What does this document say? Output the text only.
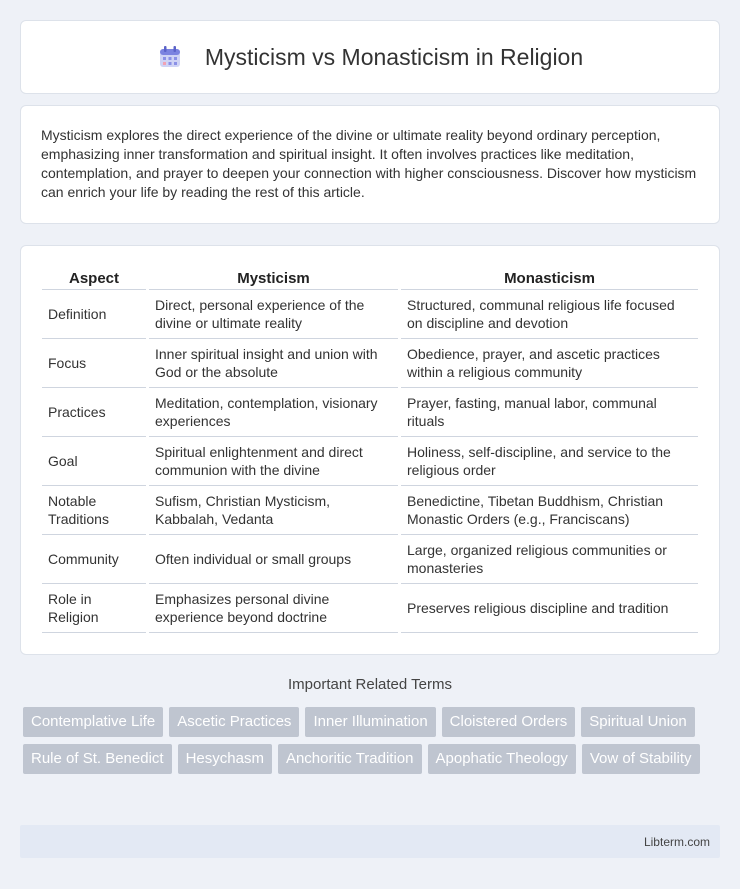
Mysticism vs Monasticism in Religion

Mysticism explores the direct experience of the divine or ultimate reality beyond ordinary perception, emphasizing inner transformation and spiritual insight. It often involves practices like meditation, contemplation, and prayer to deepen your connection with higher consciousness. Discover how mysticism can enrich your life by reading the rest of this article.

Aspect	Mysticism	Monasticism
Definition	Direct, personal experience of the divine or ultimate reality	Structured, communal religious life focused on discipline and devotion
Focus	Inner spiritual insight and union with God or the absolute	Obedience, prayer, and ascetic practices within a religious community
Practices	Meditation, contemplation, visionary experiences	Prayer, fasting, manual labor, communal rituals
Goal	Spiritual enlightenment and direct communion with the divine	Holiness, self-discipline, and service to the religious order
Notable Traditions	Sufism, Christian Mysticism, Kabbalah, Vedanta	Benedictine, Tibetan Buddhism, Christian Monastic Orders (e.g., Franciscans)
Community	Often individual or small groups	Large, organized religious communities or monasteries
Role in Religion	Emphasizes personal divine experience beyond doctrine	Preserves religious discipline and tradition
Important Related Terms
Contemplative Life	Ascetic Practices	Inner Illumination	Cloistered Orders	Spiritual Union
Rule of St. Benedict	Hesychasm	Anchoritic Tradition	Apophatic Theology	Vow of Stability
Libterm.com
